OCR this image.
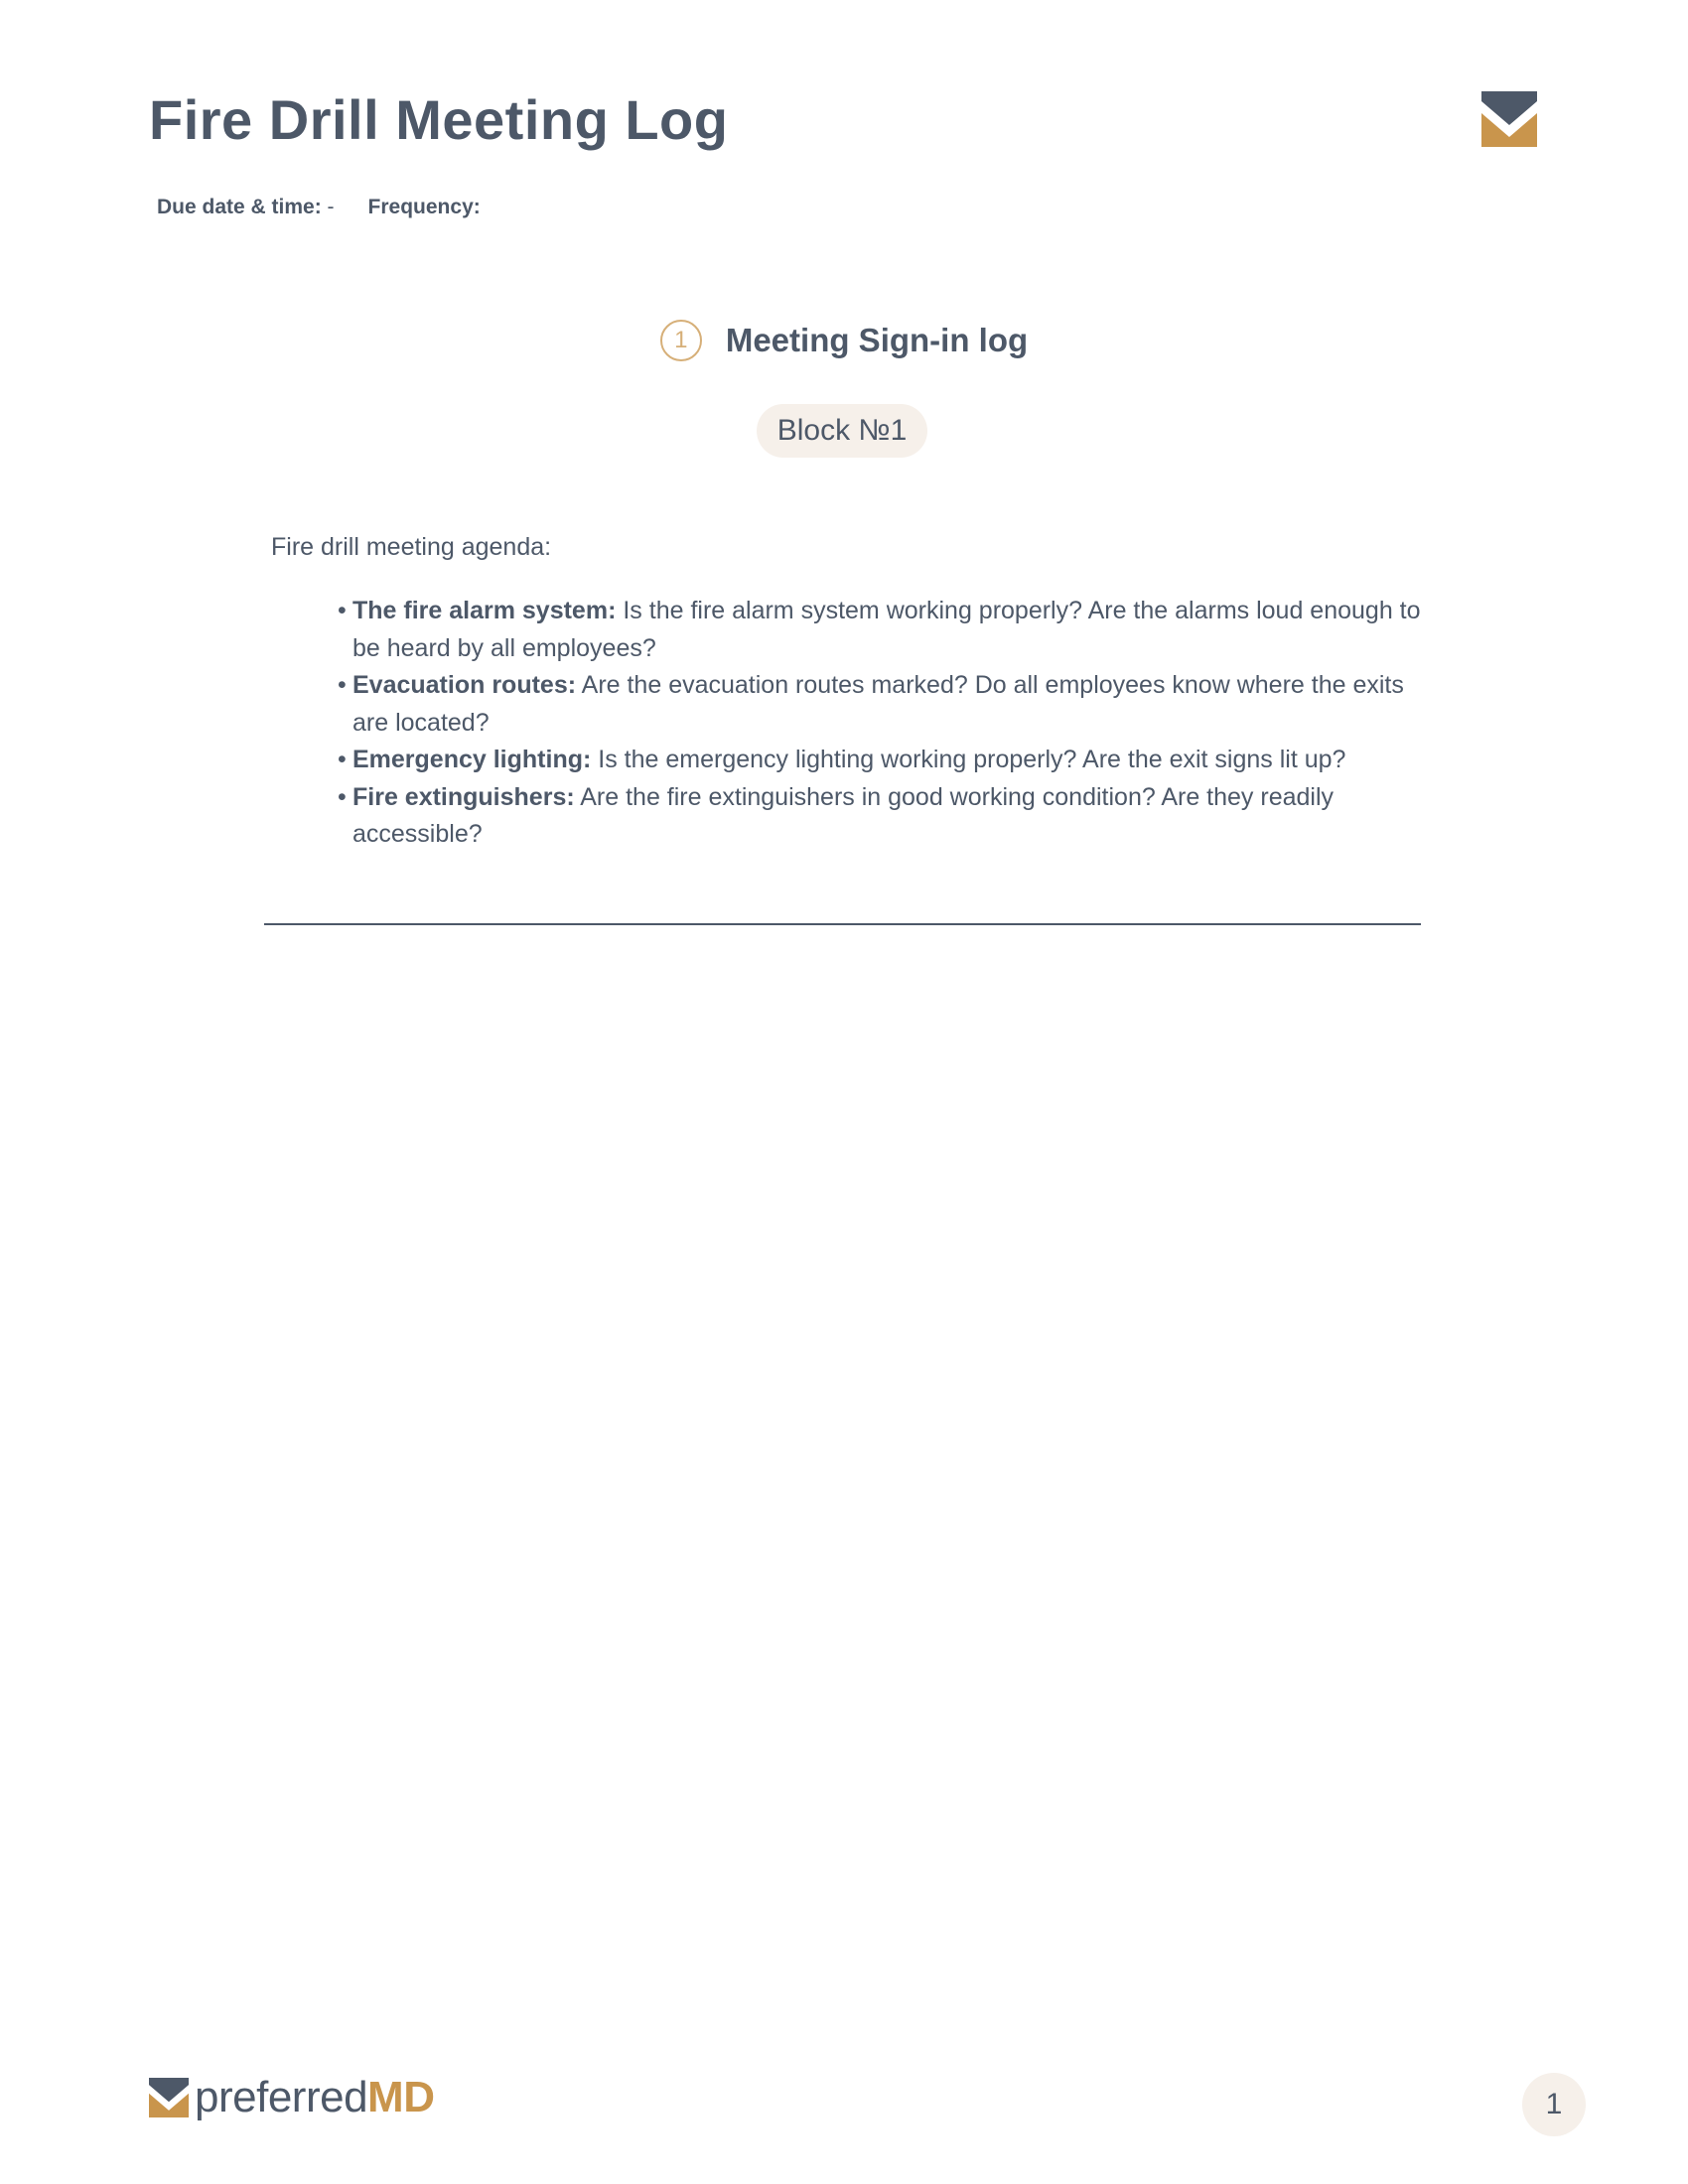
Fire Drill Meeting Log
Due date & time: - Frequency:
1	Meeting Sign-in log
Block №1
Fire drill meeting agenda:
• The fire alarm system: Is the fire alarm system working properly? Are the alarms loud enough to be heard by all employees?
• Evacuation routes: Are the evacuation routes marked? Do all employees know where the exits are located?
• Emergency lighting: Is the emergency lighting working properly? Are the exit signs lit up?
• Fire extinguishers: Are the fire extinguishers in good working condition? Are they readily accessible?
preferredMD	1
